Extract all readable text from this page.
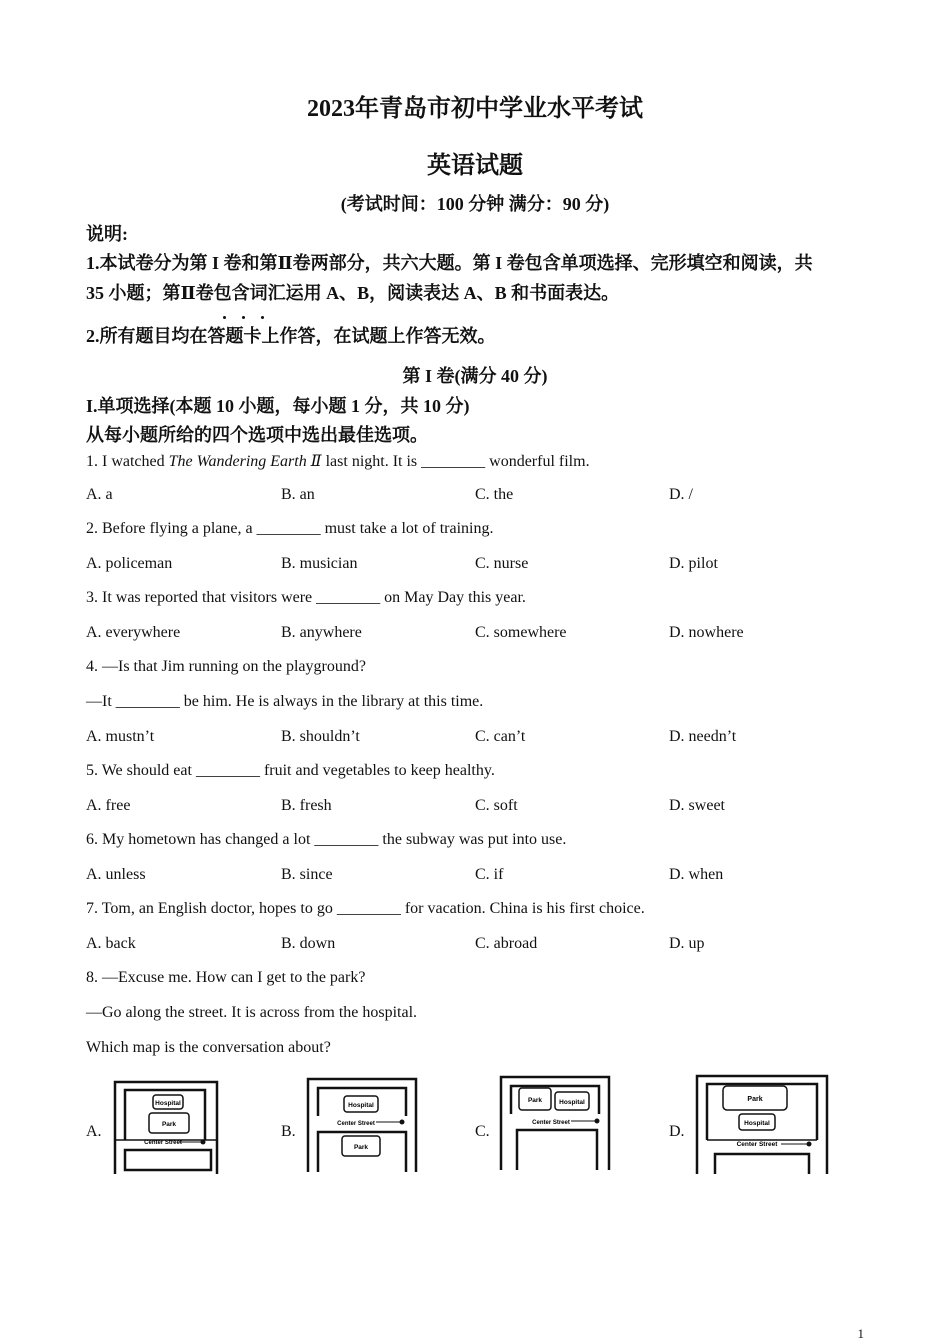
2023年青岛市初中学业水平考试
英语试题
(考试时间：100 分钟 满分：90 分)
说明:
1.本试卷分为第 I 卷和第Ⅱ卷两部分，共六大题。第 I 卷包含单项选择、完形填空和阅读，共
35 小题；第Ⅱ卷包含词汇运用 A、B，阅读表达 A、B 和书面表达。
2.所有题目均在答题卡上作答，在试题上作答无效。
第 I 卷(满分 40 分)
I.单项选择(本题 10 小题，每小题 1 分，共 10 分)
从每小题所给的四个选项中选出最佳选项。
1. I watched The Wandering Earth Ⅱ last night. It is ________ wonderful film.
A. a	B. an	C. the	D. /
2. Before flying a plane, a ________ must take a lot of training.
A. policeman	B. musician	C. nurse	D. pilot
3. It was reported that visitors were ________ on May Day this year.
A. everywhere	B. anywhere	C. somewhere	D. nowhere
4. —Is that Jim running on the playground?
—It ________ be him. He is always in the library at this time.
A. mustn’t	B. shouldn’t	C. can’t	D. needn’t
5. We should eat ________ fruit and vegetables to keep healthy.
A. free	B. fresh	C. soft	D. sweet
6. My hometown has changed a lot ________ the subway was put into use.
A. unless	B. since	C. if	D. when
7. Tom, an English doctor, hopes to go ________ for vacation. China is his first choice.
A. back	B. down	C. abroad	D. up
8. —Excuse me. How can I get to the park?
—Go along the street. It is across from the hospital.
Which map is the conversation about?
A.
Hospital
Park
Center Street
B.
Hospital
Center Street
Park
C.
Park	Hospital
Center Street	D.
Park
Hospital
Center Street
1
